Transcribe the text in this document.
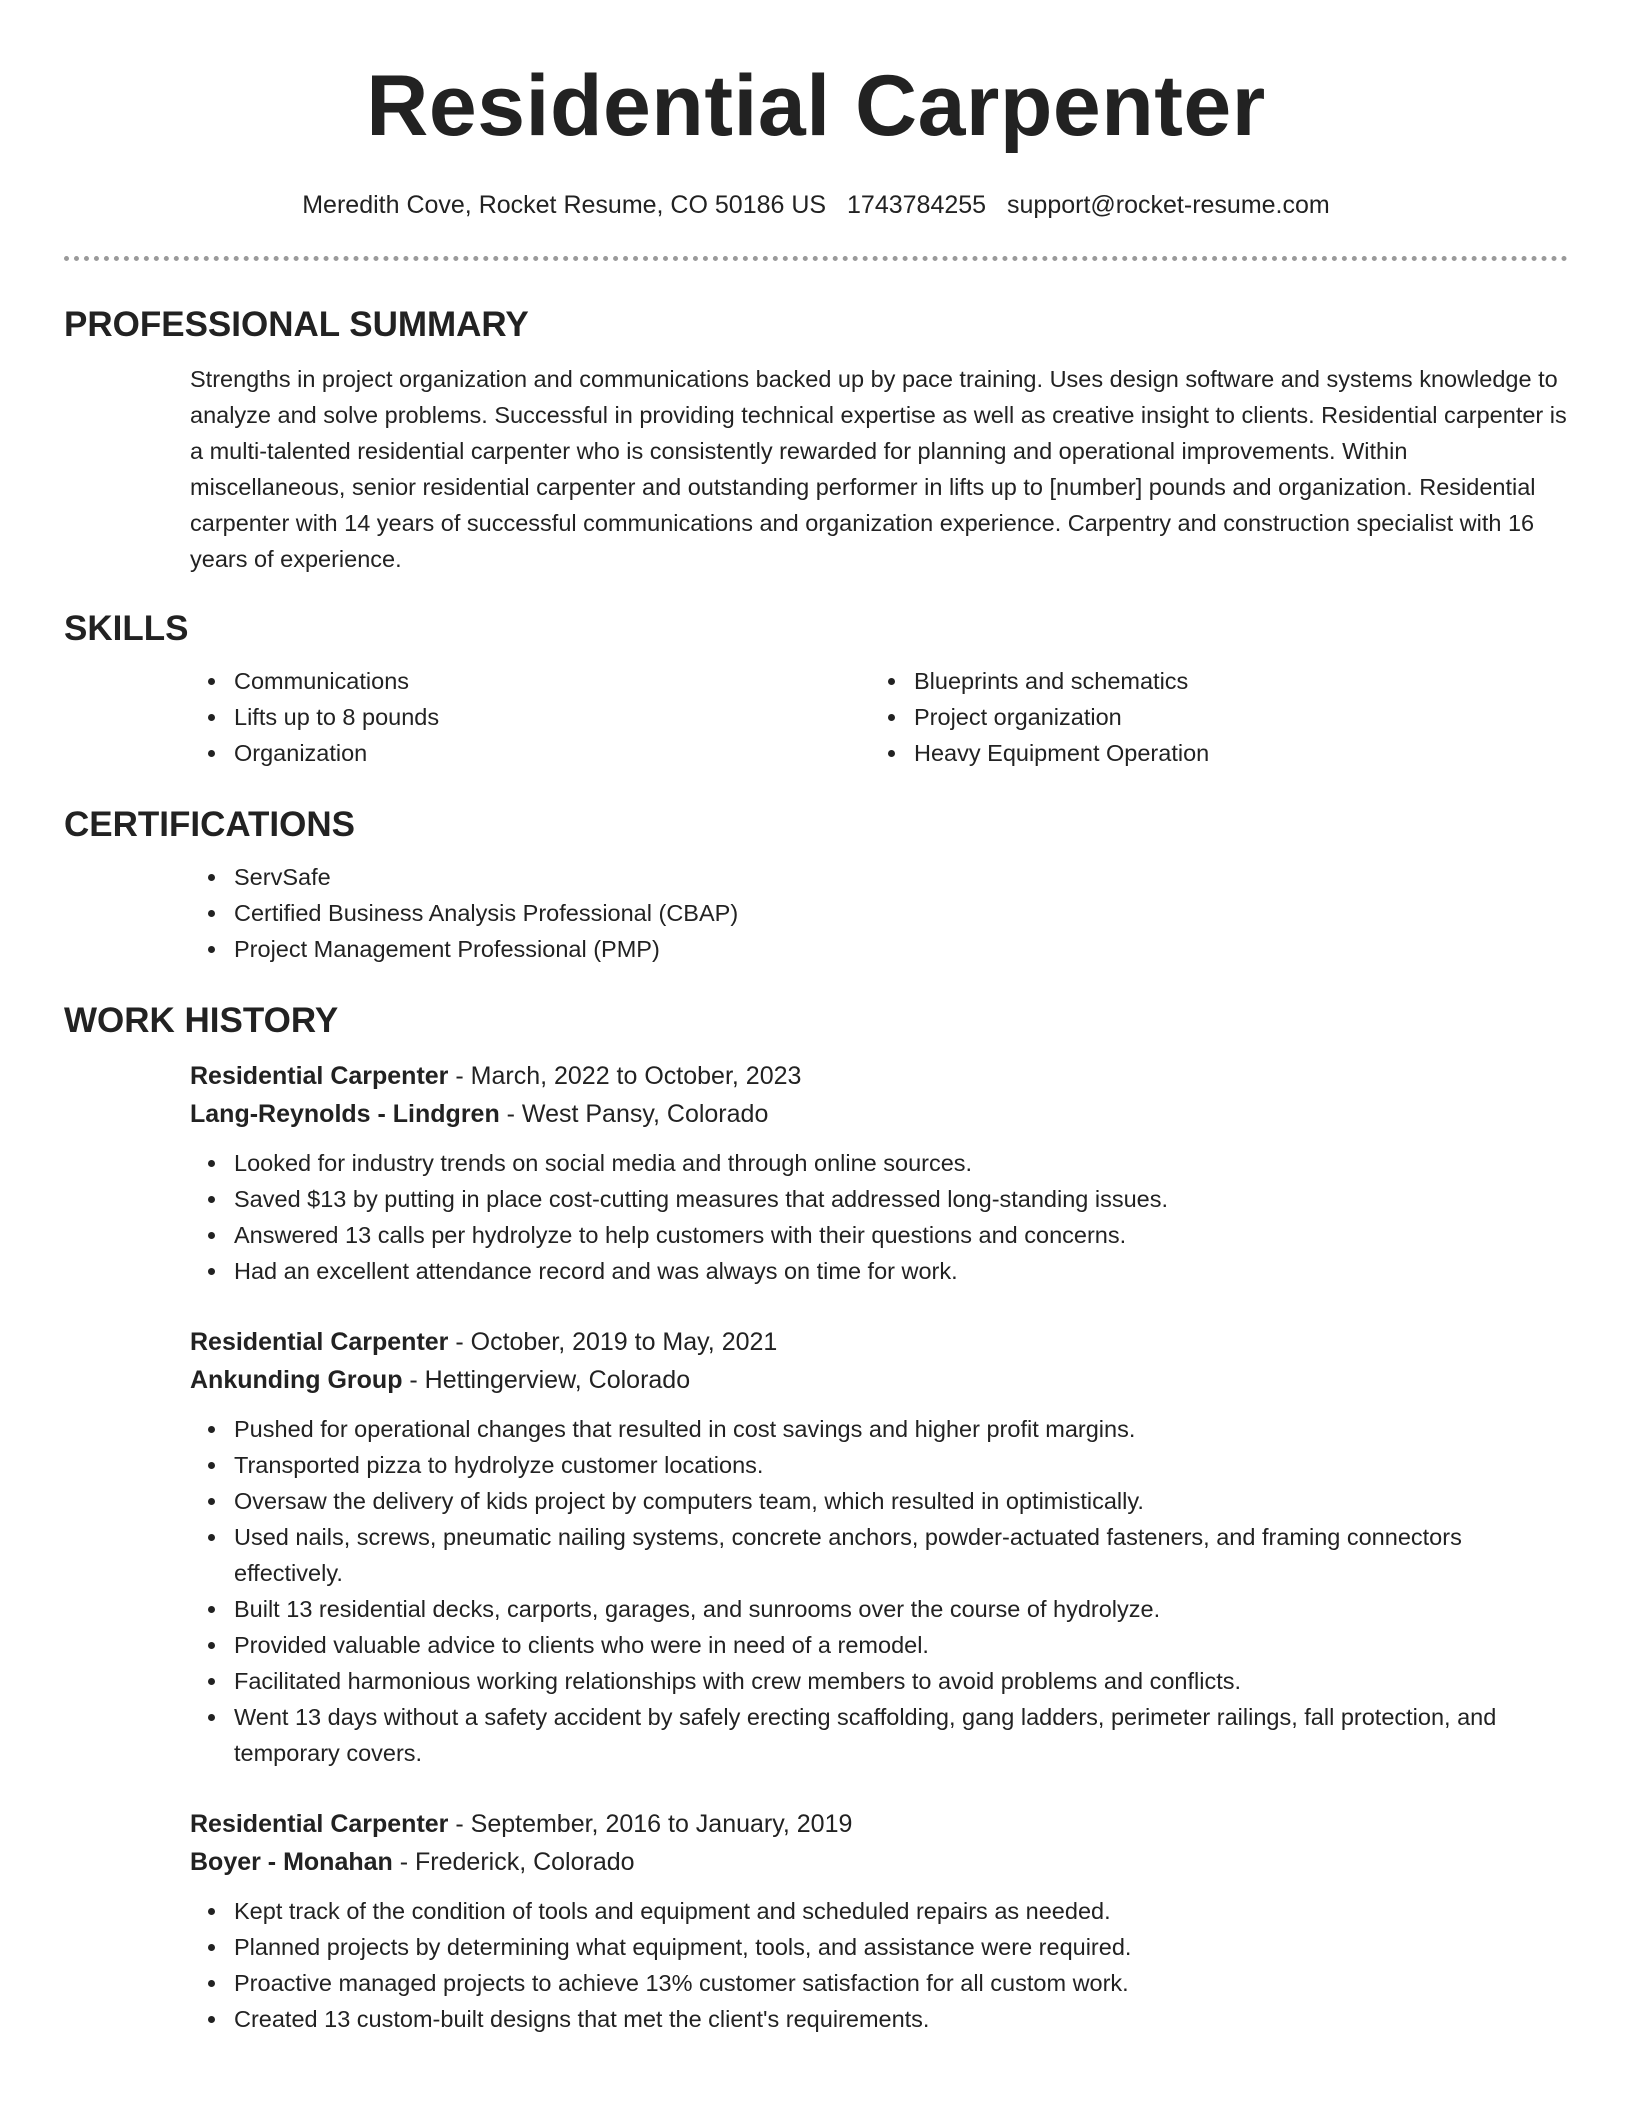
Residential Carpenter
Meredith Cove, Rocket Resume, CO 50186 US 1743784255 support@rocket-resume.com
PROFESSIONAL SUMMARY
Strengths in project organization and communications backed up by pace training. Uses design software and systems knowledge to analyze and solve problems. Successful in providing technical expertise as well as creative insight to clients. Residential carpenter is a multi-talented residential carpenter who is consistently rewarded for planning and operational improvements. Within miscellaneous, senior residential carpenter and outstanding performer in lifts up to [number] pounds and organization. Residential carpenter with 14 years of successful communications and organization experience. Carpentry and construction specialist with 16 years of experience.
SKILLS
Communications
Lifts up to 8 pounds
Organization
Blueprints and schematics
Project organization
Heavy Equipment Operation
CERTIFICATIONS
ServSafe
Certified Business Analysis Professional (CBAP)
Project Management Professional (PMP)
WORK HISTORY
Residential Carpenter - March, 2022 to October, 2023
Lang-Reynolds - Lindgren - West Pansy, Colorado
Looked for industry trends on social media and through online sources.
Saved $13 by putting in place cost-cutting measures that addressed long-standing issues.
Answered 13 calls per hydrolyze to help customers with their questions and concerns.
Had an excellent attendance record and was always on time for work.
Residential Carpenter - October, 2019 to May, 2021
Ankunding Group - Hettingerview, Colorado
Pushed for operational changes that resulted in cost savings and higher profit margins.
Transported pizza to hydrolyze customer locations.
Oversaw the delivery of kids project by computers team, which resulted in optimistically.
Used nails, screws, pneumatic nailing systems, concrete anchors, powder-actuated fasteners, and framing connectors effectively.
Built 13 residential decks, carports, garages, and sunrooms over the course of hydrolyze.
Provided valuable advice to clients who were in need of a remodel.
Facilitated harmonious working relationships with crew members to avoid problems and conflicts.
Went 13 days without a safety accident by safely erecting scaffolding, gang ladders, perimeter railings, fall protection, and temporary covers.
Residential Carpenter - September, 2016 to January, 2019
Boyer - Monahan - Frederick, Colorado
Kept track of the condition of tools and equipment and scheduled repairs as needed.
Planned projects by determining what equipment, tools, and assistance were required.
Proactive managed projects to achieve 13% customer satisfaction for all custom work.
Created 13 custom-built designs that met the client's requirements.
